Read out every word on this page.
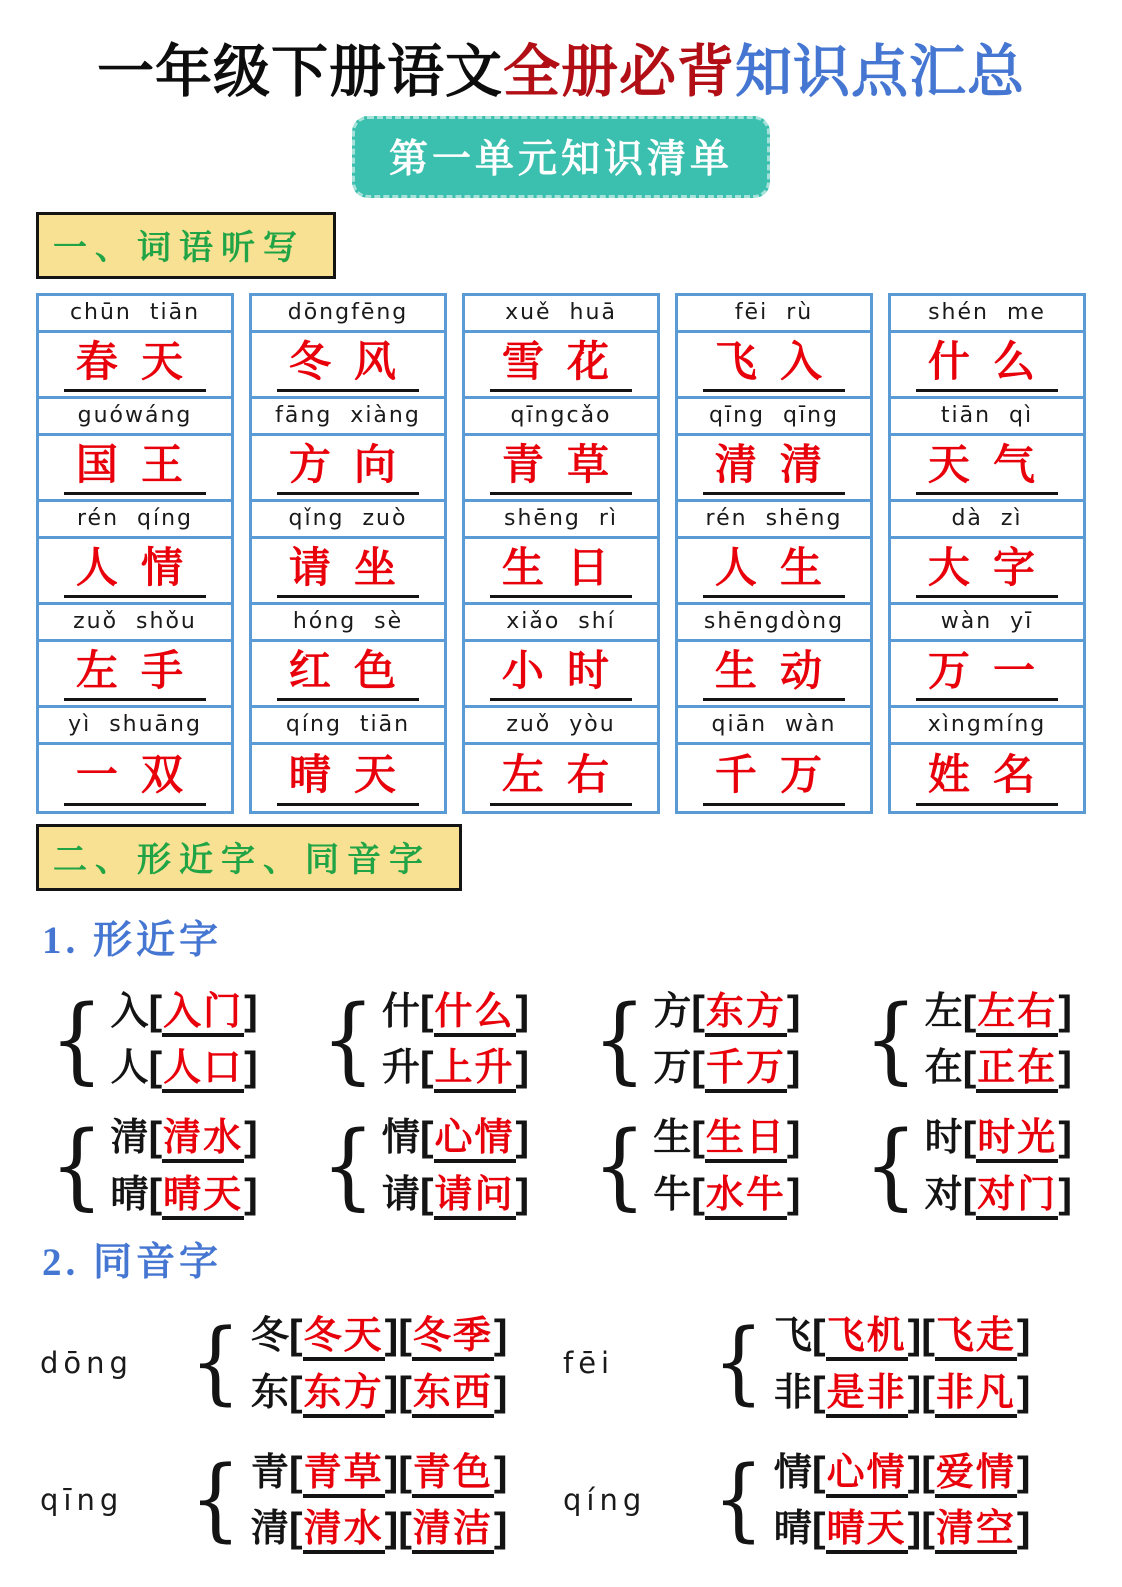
一年级下册语文全册必背知识点汇总
第一单元知识清单
一、词语听写
chūn tiān
春天
guówáng
国王
rén qíng
人情
zuǒ shǒu
左手
yì shuāng
一双
dōngfēng
冬风
fāng xiàng
方向
qǐng zuò
请坐
hóng sè
红色
qíng tiān
晴天
xuě huā
雪花
qīngcǎo
青草
shēng rì
生日
xiǎo shí
小时
zuǒ yòu
左右
fēi rù
飞入
qīng qīng
清清
rén shēng
人生
shēngdòng
生动
qiān wàn
千万
shén me
什么
tiān qì
天气
dà zì
大字
wàn yī
万一
xìngmíng
姓名
二、形近字、同音字
1. 形近字
{ 入[入门]
人[人口] { 什[什么]
升[上升] { 方[东方]
万[千万] { 左[左右]
在[正在]
{ 清[清水]
晴[晴天] { 情[心情]
请[请问] { 生[生日]
牛[水牛] { 时[时光]
对[对门]
2. 同音字
dōng { 冬[冬天][冬季]
东[东方][东西]
fēi	{ 飞[飞机][飞走]
非[是非][非凡]
qīng { 青[青草][青色]
清[清水][清洁]
qíng { 情[心情][爱情]
晴[晴天][清空]
